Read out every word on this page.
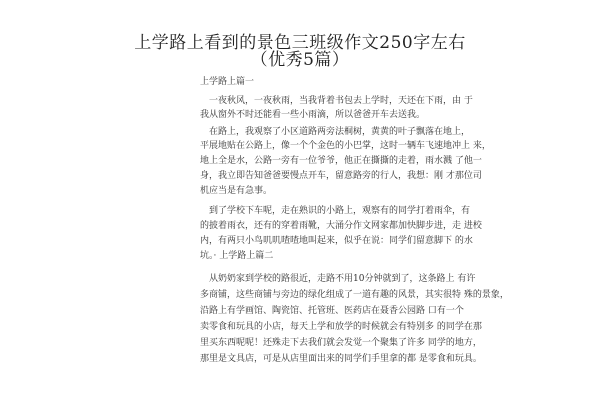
上学路上看到的景色三班级作文250字左右
（优秀5篇）
上学路上篇一
一夜秋风，一夜秋雨，当我背着书包去上学时，天还在下雨，由 于
我从窗外不时还能看一些小雨滴，所以爸爸开车去送我。
在路上，我观察了小区道路两旁法桐树，黄黄的叶子飘落在地上，
平展地贴在公路上，像一个个金色的小巴掌，这时一辆车飞速地冲上 来，
地上全是水，公路一旁有一位爷爷，他正在撕撕的走着，雨水溅 了他一
身，我立即告知爸爸要慢点开车，留意路旁的行人，我想：刚 才那位司
机应当是有急事。
到了学校下车呢，走在熟识的小路上，观察有的同学打着雨伞，有
的披着雨衣，还有的穿着雨靴，大涌分作文网家都加快脚步进，走 进校
内，有两只小鸟叽叽喳喳地叫起来，似乎在说：同学们留意脚下 的水
坑。· 上学路上篇二
从奶奶家到学校的路很近，走路不用10分钟就到了，这条路上 有许
多商铺，这些商铺与旁边的绿化组成了一道有趣的风景，其实很特 殊的景象，
沿路上有学画馆、陶瓷馆、托管班、医药店在聂香公园路 口有一个
卖零食和玩具的小店，每天上学和放学的时候就会有特别多 的同学在那
里买东西呢呢！还殊走下去我们就会发觉一个聚集了许多 同学的地方，
那里是文具店，可是从店里面出来的同学们手里拿的都 是零食和玩具。
